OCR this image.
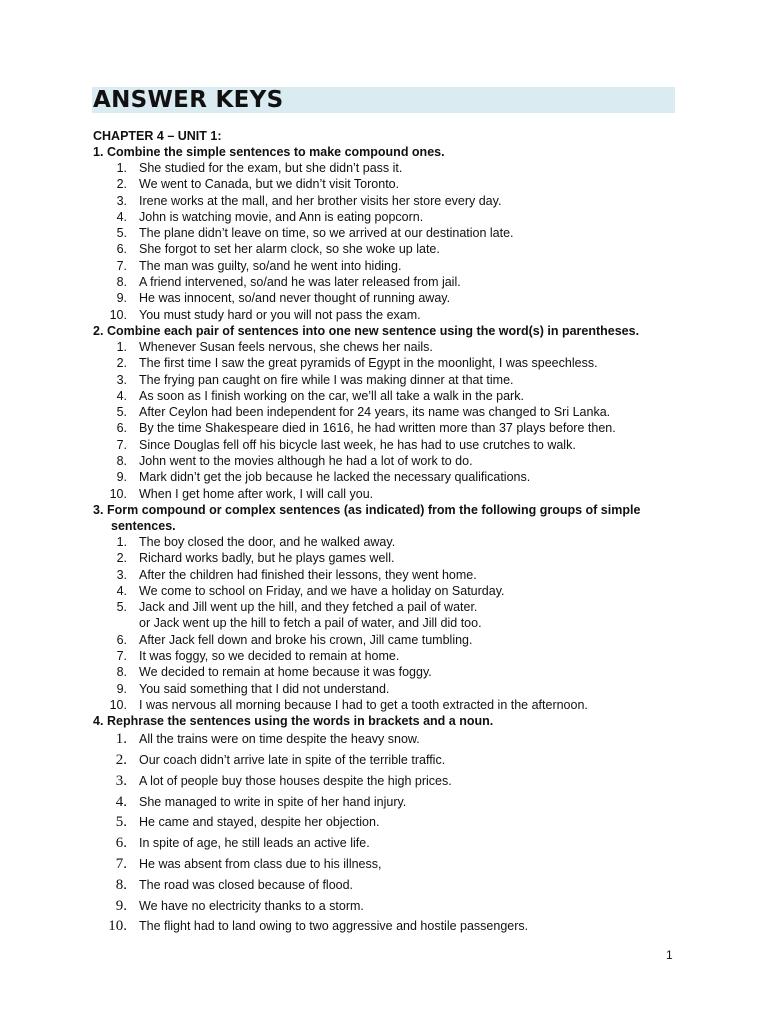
ANSWER KEYS

CHAPTER 4 – UNIT 1:

1. Combine the simple sentences to make compound ones.

1. She studied for the exam, but she didn’t pass it.
2. We went to Canada, but we didn’t visit Toronto.
3. Irene works at the mall, and her brother visits her store every day.
4. John is watching movie, and Ann is eating popcorn.
5. The plane didn’t leave on time, so we arrived at our destination late.
6. She forgot to set her alarm clock, so she woke up late.
7. The man was guilty, so/and he went into hiding.
8. A friend intervened, so/and he was later released from jail.
9. He was innocent, so/and never thought of running away.
10. You must study hard or you will not pass the exam.

2. Combine each pair of sentences into one new sentence using the word(s) in parentheses.

1. Whenever Susan feels nervous, she chews her nails.
2. The first time I saw the great pyramids of Egypt in the moonlight, I was speechless.
3. The frying pan caught on fire while I was making dinner at that time.
4. As soon as I finish working on the car, we’ll all take a walk in the park.
5. After Ceylon had been independent for 24 years, its name was changed to Sri Lanka.
6. By the time Shakespeare died in 1616, he had written more than 37 plays before then.
7. Since Douglas fell off his bicycle last week, he has had to use crutches to walk.
8. John went to the movies although he had a lot of work to do.
9. Mark didn’t get the job because he lacked the necessary qualifications.
10. When I get home after work, I will call you.

3. Form compound or complex sentences (as indicated) from the following groups of simple
sentences.

1. The boy closed the door, and he walked away.
2. Richard works badly, but he plays games well.
3. After the children had finished their lessons, they went home.
4. We come to school on Friday, and we have a holiday on Saturday.
5. Jack and Jill went up the hill, and they fetched a pail of water.
or Jack went up the hill to fetch a pail of water, and Jill did too.
6. After Jack fell down and broke his crown, Jill came tumbling.
7. It was foggy, so we decided to remain at home.
8. We decided to remain at home because it was foggy.
9. You said something that I did not understand.
10. I was nervous all morning because I had to get a tooth extracted in the afternoon.

4. Rephrase the sentences using the words in brackets and a noun.

1. All the trains were on time despite the heavy snow.
2. Our coach didn’t arrive late in spite of the terrible traffic.
3. A lot of people buy those houses despite the high prices.
4. She managed to write in spite of her hand injury.
5. He came and stayed, despite her objection.
6. In spite of age, he still leads an active life.
7. He was absent from class due to his illness,
8. The road was closed because of flood.
9. We have no electricity thanks to a storm.
10. The flight had to land owing to two aggressive and hostile passengers.
1
